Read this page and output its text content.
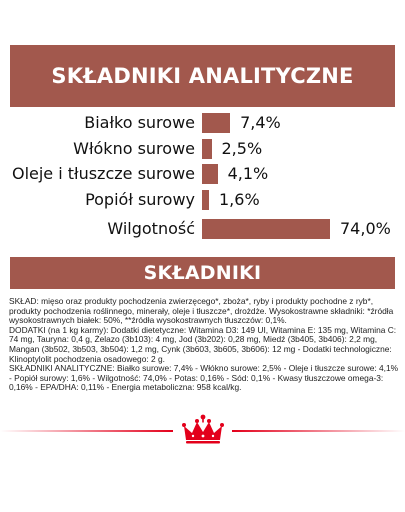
SKŁADNIKI ANALITYCZNE
Białko surowe	7,4%
Włókno surowe 2,5%
Oleje i tłuszcze surowe 4,1%
Popiół surowy 1,6%
Wilgotność	74,0%
SKŁADNIKI

SKŁAD: mięso oraz produkty pochodzenia zwierzęcego*, zboża*, ryby i produkty pochodne z ryb*, produkty pochodzenia roślinnego, minerały, oleje i tłuszcze*, drożdże. Wysokostrawne składniki: *źródła wysokostrawnych białek: 50%, **źródła wysokostrawnych tłuszczów: 0,1%.

DODATKI (na 1 kg karmy): Dodatki dietetyczne: Witamina D3: 149 UI, Witamina E: 135 mg, Witamina C: 74 mg, Tauryna: 0,4 g, Żelazo (3b103): 4 mg, Jod (3b202): 0,28 mg, Miedź (3b405, 3b406): 2,2 mg, Mangan (3b502, 3b503, 3b504): 1,2 mg, Cynk (3b603, 3b605, 3b606): 12 mg - Dodatki technologiczne: Klinoptylolit pochodzenia osadowego: 2 g.

SKŁADNIKI ANALITYCZNE: Białko surowe: 7,4% - Włókno surowe: 2,5% - Oleje i tłuszcze surowe: 4,1% - Popiół surowy: 1,6% - Wilgotność: 74,0% - Potas: 0,16% - Sód: 0,1% - Kwasy tłuszczowe omega-3: 0,16% - EPA/DHA: 0,11% - Energia metaboliczna: 958 kcal/kg.
